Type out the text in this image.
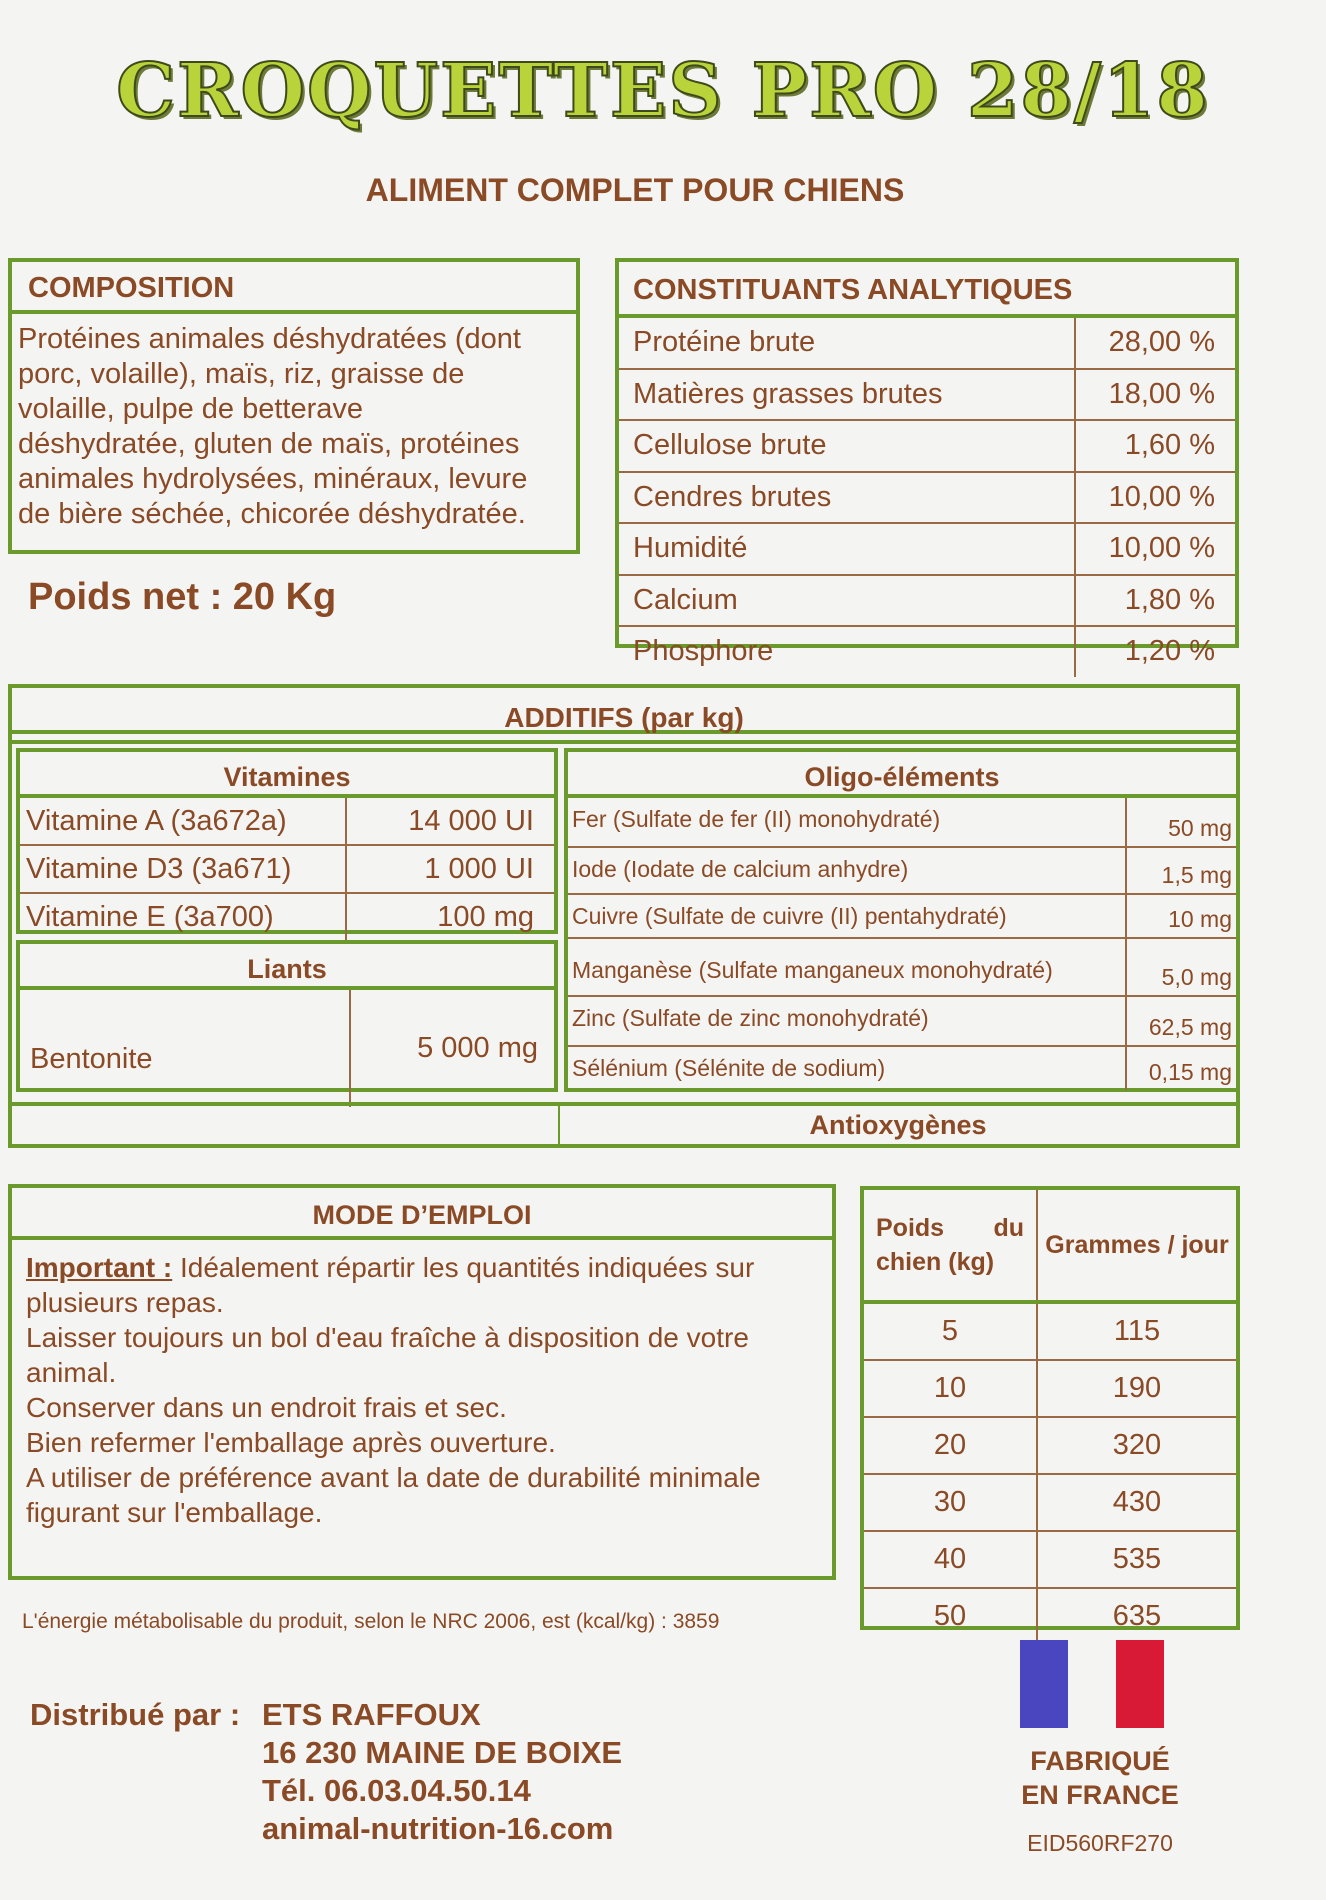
CROQUETTES PRO 28/18
ALIMENT COMPLET POUR CHIENS
COMPOSITION
Protéines animales déshydratées (dont
porc, volaille), maïs, riz, graisse de
volaille, pulpe de betterave
déshydratée, gluten de maïs, protéines
animales hydrolysées, minéraux, levure
de bière séchée, chicorée déshydratée.
Poids net : 20 Kg
CONSTITUANTS ANALYTIQUES
Protéine brute	28,00 %
Matières grasses brutes	18,00 %
Cellulose brute	1,60 %
Cendres brutes	10,00 %
Humidité	10,00 %
Calcium	1,80 %
Phosphore	1,20 %
ADDITIFS (par kg)
Vitamines
Vitamine A (3a672a)	14 000 UI
Vitamine D3 (3a671)	1 000 UI
Vitamine E (3a700)	100 mg
Liants
Bentonite	5 000 mg
Oligo-éléments
Fer (Sulfate de fer (II) monohydraté)	50 mg
Iode (Iodate de calcium anhydre)	1,5 mg
Cuivre (Sulfate de cuivre (II) pentahydraté)	10 mg
Manganèse (Sulfate manganeux monohydraté)	5,0 mg
Zinc (Sulfate de zinc monohydraté)	62,5 mg
Sélénium (Sélénite de sodium)	0,15 mg
Antioxygènes
MODE D’EMPLOI
Important : Idéalement répartir les quantités indiquées sur plusieurs repas.
Laisser toujours un bol d'eau fraîche à disposition de votre animal.
Conserver dans un endroit frais et sec.
Bien refermer l'emballage après ouverture.
A utiliser de préférence avant la date de durabilité minimale figurant sur l'emballage.
Poids du chien (kg)	Grammes / jour
5	115
10	190
20	320
30	430
40	535
50	635
L'énergie métabolisable du produit, selon le NRC 2006, est (kcal/kg) : 3859
Distribué par : ETS RAFFOUX
16 230 MAINE DE BOIXE
Tél. 06.03.04.50.14
animal-nutrition-16.com
FABRIQUÉ
EN FRANCE
EID560RF270
